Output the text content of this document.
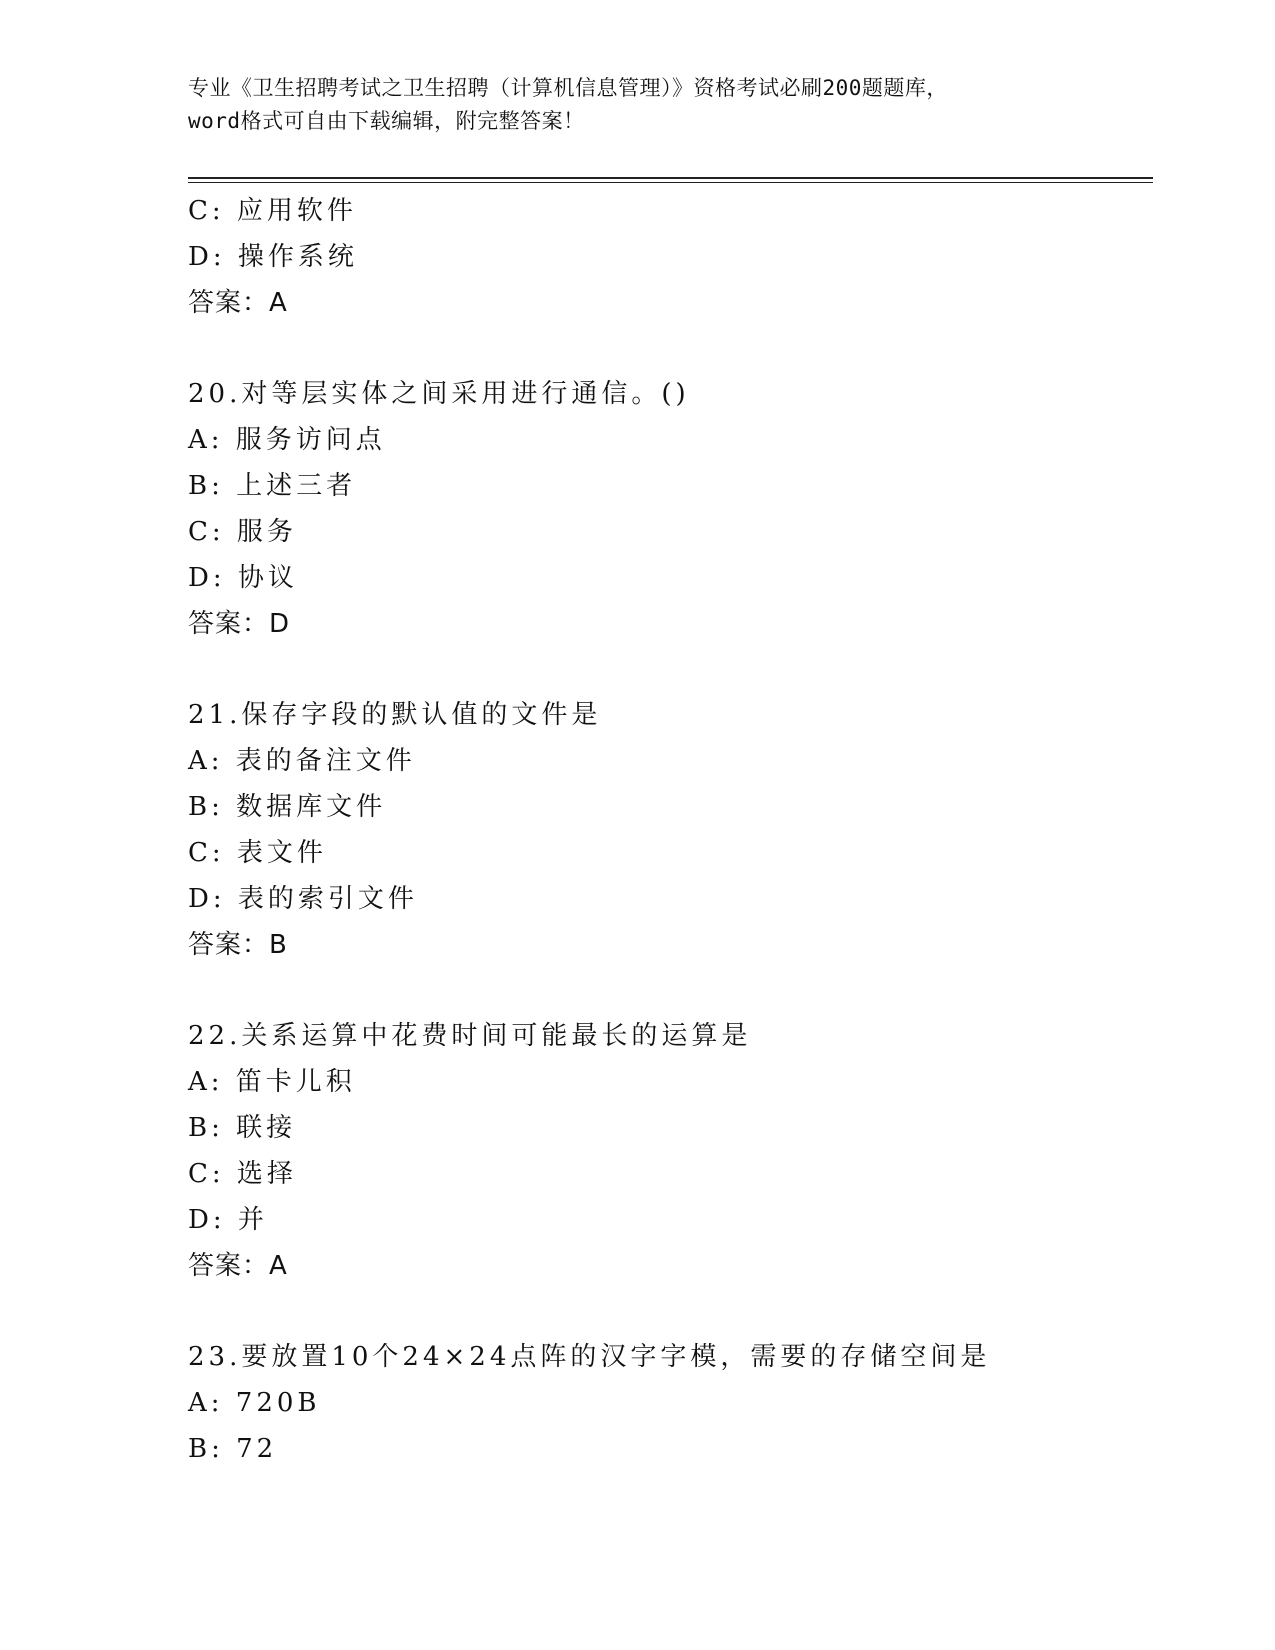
专业《卫生招聘考试之卫生招聘（计算机信息管理）》资格考试必刷200题题库，
word格式可自由下载编辑，附完整答案！
C: 应用软件
D: 操作系统
答案：A
20.对等层实体之间采用进行通信。()
A: 服务访问点
B: 上述三者
C: 服务
D: 协议
答案：D
21.保存字段的默认值的文件是
A: 表的备注文件
B: 数据库文件
C: 表文件
D: 表的索引文件
答案：B
22.关系运算中花费时间可能最长的运算是
A: 笛卡儿积
B: 联接
C: 选择
D: 并
答案：A
23.要放置10个24×24点阵的汉字字模，需要的存储空间是
A: 720B
B: 72
